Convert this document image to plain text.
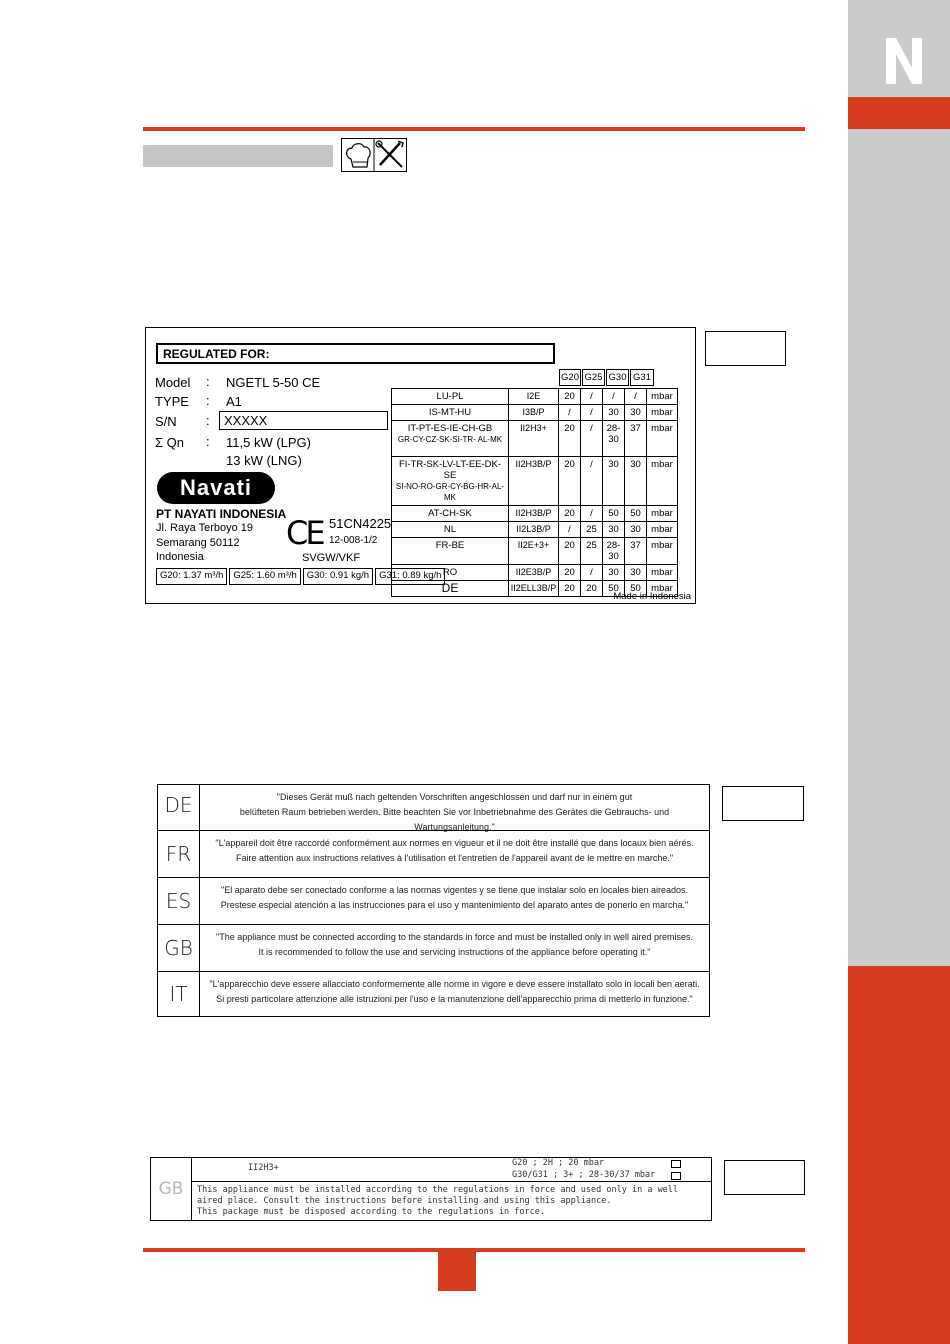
REGULATED FOR:
Model : NGETL 5-50 CE
TYPE : A1
S/N :	XXXXX
Σ Qn : 11,5 kW (LPG)
13 kW (LNG)
Navati
PT NAYATI INDONESIA
Jl. Raya Terboyo 19
Semarang 50112
Indonesia
CE 51CN4225
12-008-1/2
SVGW/VKF
G20: 1.37 m³/h	G25: 1.60 m³/h	G30: 0.91 kg/h	G31: 0.89 kg/h
G20 G25 G30 G31
LU-PL	I2E	20	/	/	/	mbar
IS-MT-HU	I3B/P	/	/	30	30	mbar
IT-PT-ES-IE-CH-GB
GR-CY-CZ-SK-SI-TR- AL-MK	II2H3+	20	/	28-30	37	mbar
FI-TR-SK-LV-LT-EE-DK-SE
SI-NO-RO-GR-CY-BG-HR-AL-MK	II2H3B/P	20	/	30	30	mbar
AT-CH-SK	II2H3B/P	20	/	50	50	mbar
NL	II2L3B/P	/	25	30	30	mbar
FR-BE	II2E+3+	20	25	28-30	37	mbar
RO	II2E3B/P	20	/	30	30	mbar
DE	II2ELL3B/P	20	20	50	50	mbar
Made in Indonesia
DE	"Dieses Gerät muß nach geltenden Vorschriften angeschlossen und darf nur in einem gut
belüfteten Raum betrieben werden. Bitte beachten Sie vor Inbetriebnahme des Gerätes die Gebrauchs- und Wartungsanleitung."
FR	"L'appareil doit être raccordé conformément aux normes en vigueur et il ne doit être installé que dans locaux bien aérés.
Faire attention aux instructions relatives à l'utilisation et l'entretien de l'appareil avant de le mettre en marche."
ES	"El aparato debe ser conectado conforme a las normas vigentes y se tiene que instalar solo en locales bien aireados.
Prestese especial atención a las instrucciones para el uso y mantenimiento del aparato antes de ponerlo en marcha."
GB	"The appliance must be connected according to the standards in force and must be installed only in well aired premises.
It is recommended to follow the use and servicing instructions of the appliance before operating it."
IT	"L'apparecchio deve essere allacciato conformemente alle norme in vigore e deve essere installato solo in locali ben aerati.
Si presti particolare attenzione alle istruzioni per l'uso e la manutenzione dell'apparecchio prima di metterlo in funzione."
GB
II2H3+	G20 ; 2H ; 20 mbar
G30/G31 ; 3+ ; 28-30/37 mbar
This appliance must be installed according to the regulations in force and used only in a well
aired place. Consult the instructions before installing and using this appliance.
This package must be disposed according to the regulations in force.
